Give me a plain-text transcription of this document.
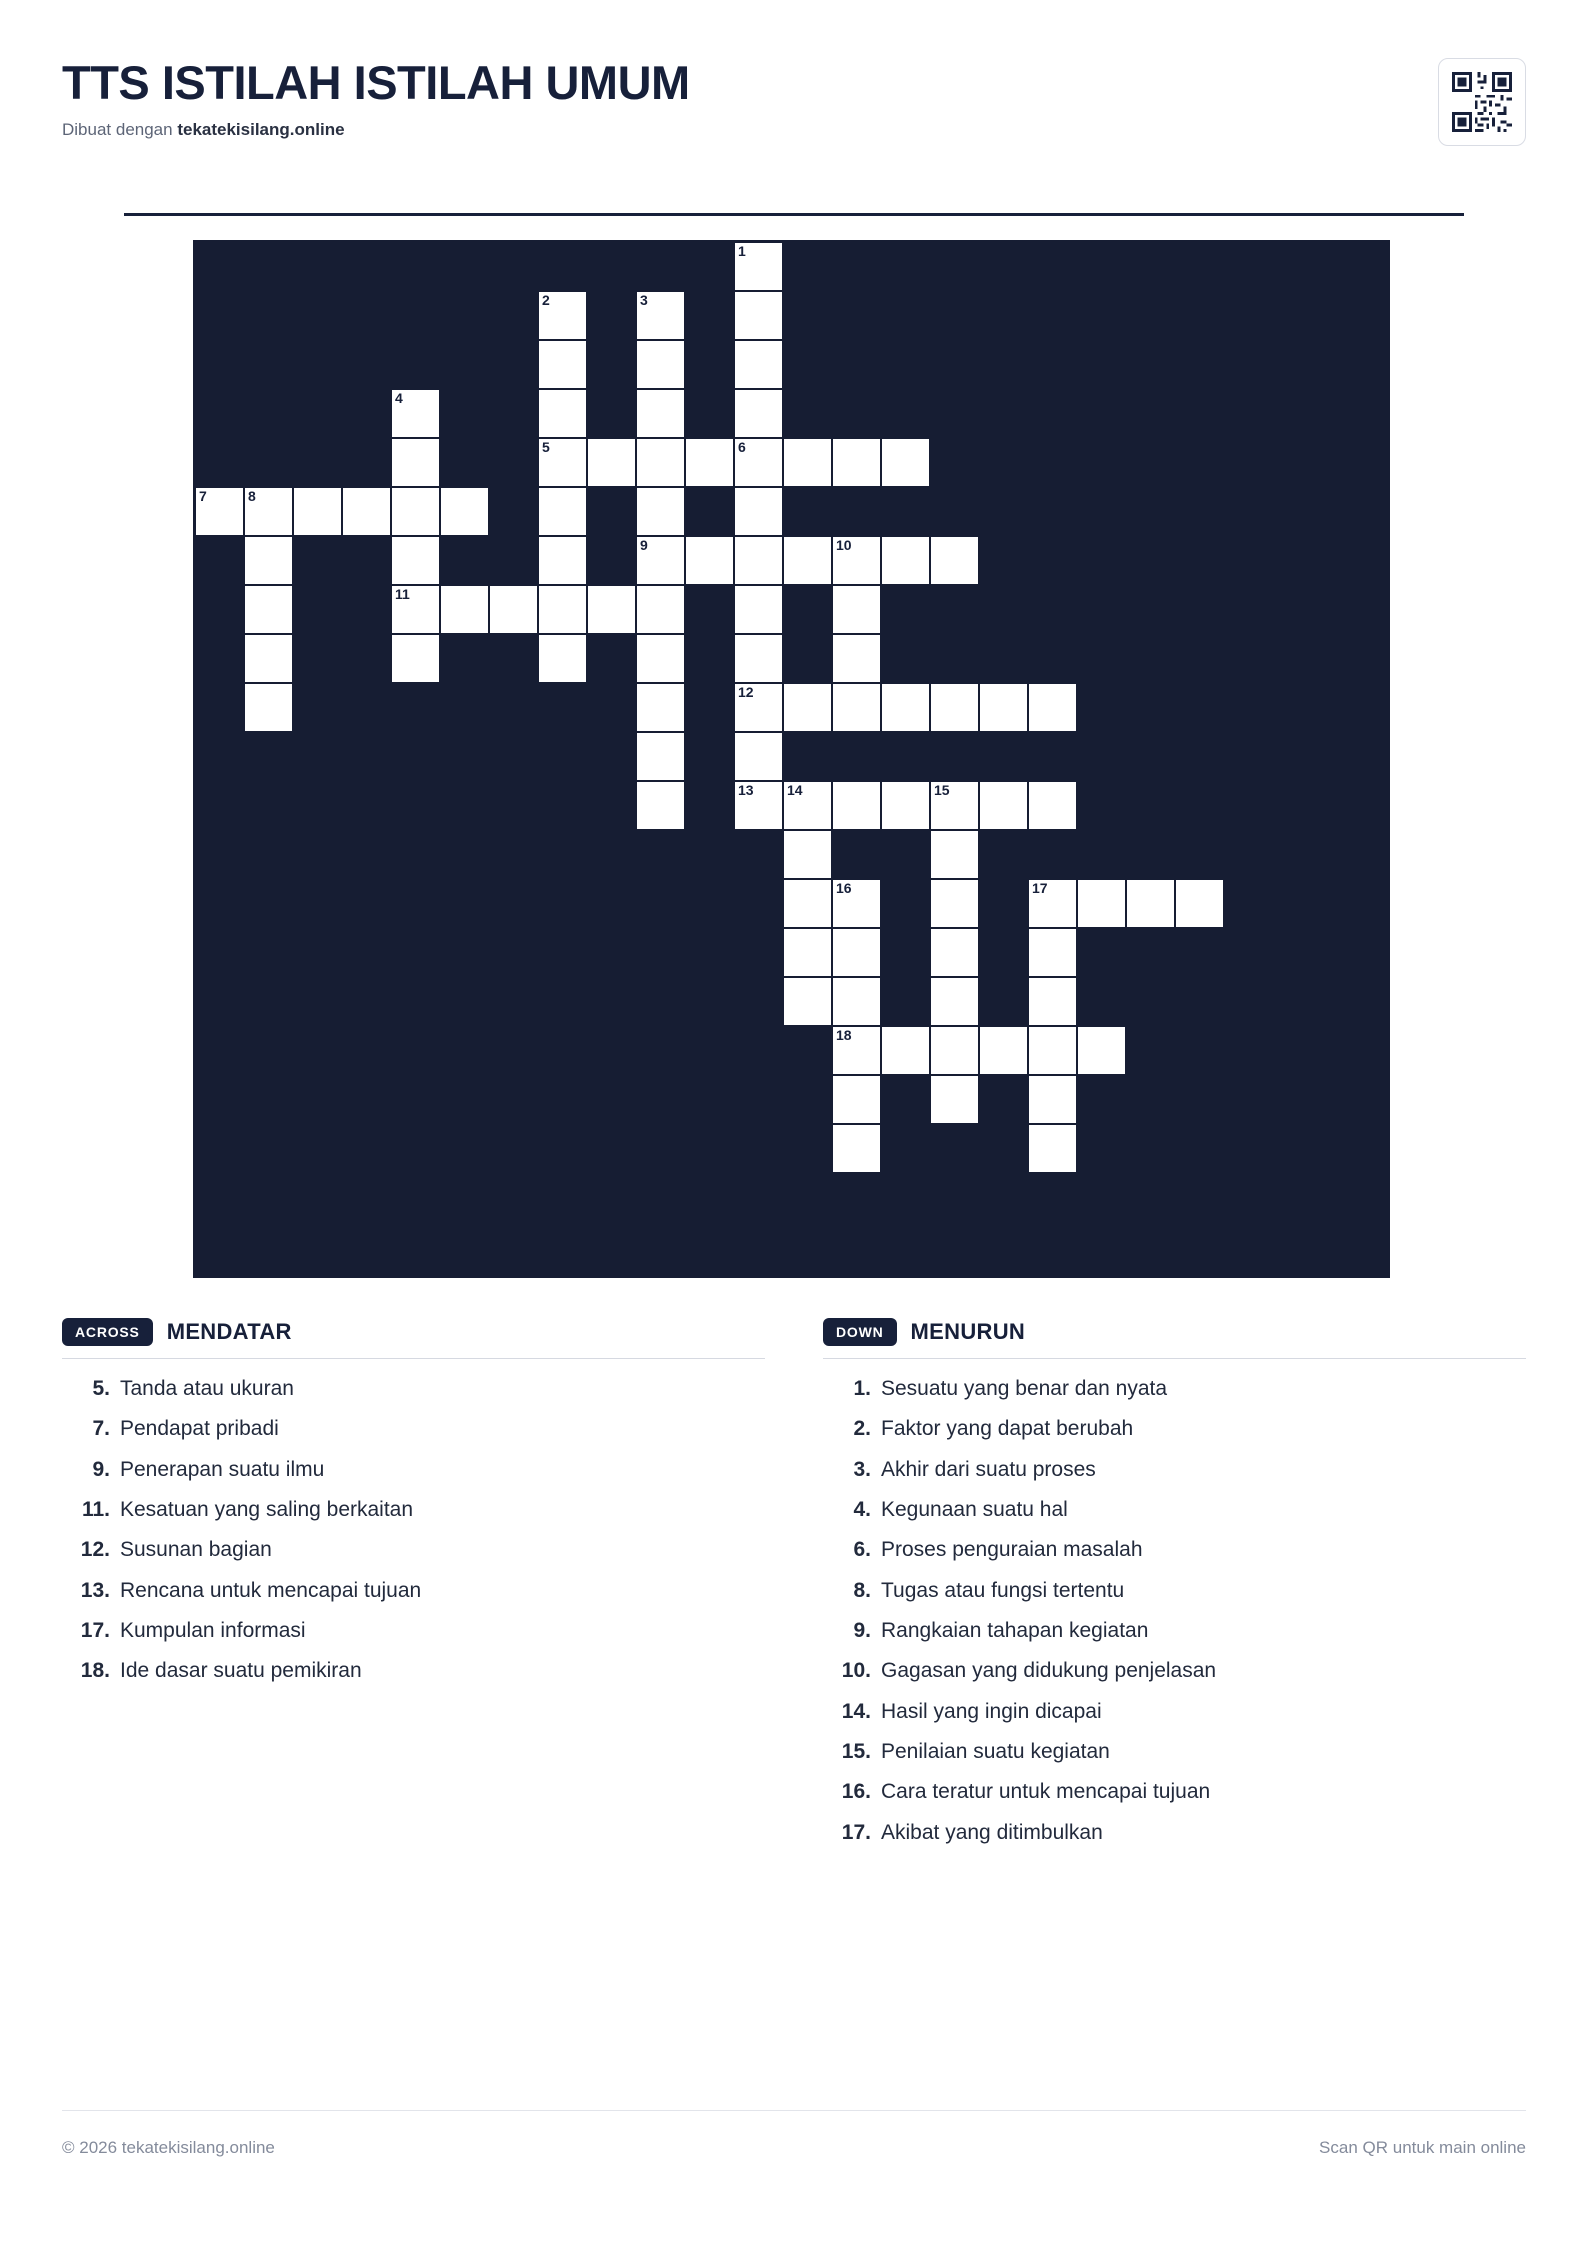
TTS ISTILAH ISTILAH UMUM
Dibuat dengan tekatekisilang.online
1
2	3
4
5	6
7	8
9	10
11
12
13 14	15
17
16
18
ACROSS	MENDATAR
5. Tanda atau ukuran
7. Pendapat pribadi
9. Penerapan suatu ilmu
11. Kesatuan yang saling berkaitan
12. Susunan bagian
13. Rencana untuk mencapai tujuan
17. Kumpulan informasi
18. Ide dasar suatu pemikiran
DOWN	MENURUN
1. Sesuatu yang benar dan nyata
2. Faktor yang dapat berubah
3. Akhir dari suatu proses
4. Kegunaan suatu hal
6. Proses penguraian masalah
8. Tugas atau fungsi tertentu
9. Rangkaian tahapan kegiatan
10. Gagasan yang didukung penjelasan
14. Hasil yang ingin dicapai
15. Penilaian suatu kegiatan
16. Cara teratur untuk mencapai tujuan
17. Akibat yang ditimbulkan
© 2026 tekatekisilang.online	Scan QR untuk main online
